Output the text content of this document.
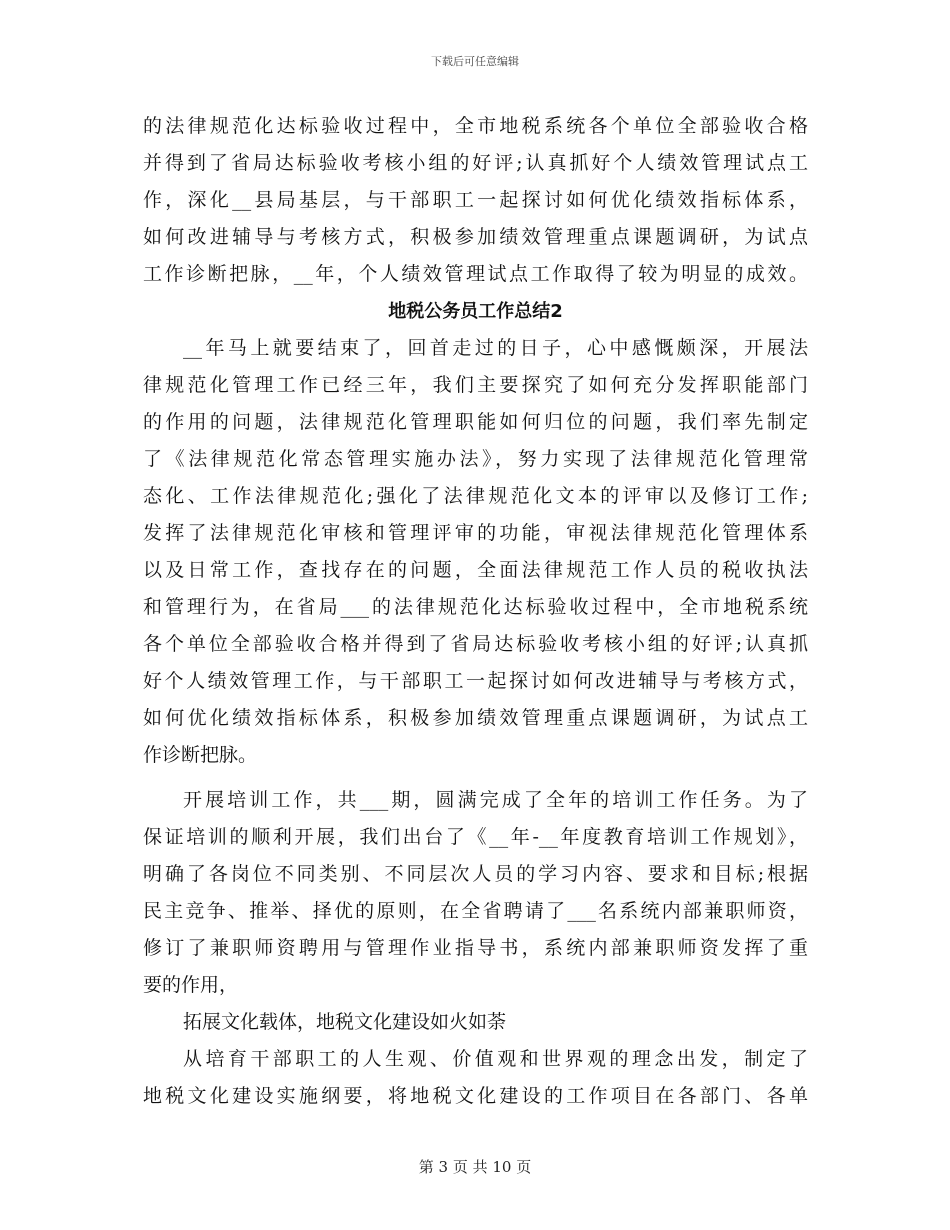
下载后可任意编辑
的法律规范化达标验收过程中，全市地税系统各个单位全部验收合格
并得到了省局达标验收考核小组的好评;认真抓好个人绩效管理试点工
作，深化__县局基层，与干部职工一起探讨如何优化绩效指标体系，
如何改进辅导与考核方式，积极参加绩效管理重点课题调研，为试点
工作诊断把脉，__年，个人绩效管理试点工作取得了较为明显的成效。
地税公务员工作总结2
__年马上就要结束了，回首走过的日子，心中感慨颇深，开展法
律规范化管理工作已经三年，我们主要探究了如何充分发挥职能部门
的作用的问题，法律规范化管理职能如何归位的问题，我们率先制定
了《法律规范化常态管理实施办法》，努力实现了法律规范化管理常
态化、工作法律规范化;强化了法律规范化文本的评审以及修订工作;
发挥了法律规范化审核和管理评审的功能，审视法律规范化管理体系
以及日常工作，查找存在的问题，全面法律规范工作人员的税收执法
和管理行为，在省局___的法律规范化达标验收过程中，全市地税系统
各个单位全部验收合格并得到了省局达标验收考核小组的好评;认真抓
好个人绩效管理工作，与干部职工一起探讨如何改进辅导与考核方式，
如何优化绩效指标体系，积极参加绩效管理重点课题调研，为试点工
作诊断把脉。
开展培训工作，共___期，圆满完成了全年的培训工作任务。为了
保证培训的顺利开展，我们出台了《__年-__年度教育培训工作规划》，
明确了各岗位不同类别、不同层次人员的学习内容、要求和目标;根据
民主竞争、推举、择优的原则，在全省聘请了___名系统内部兼职师资，
修订了兼职师资聘用与管理作业指导书，系统内部兼职师资发挥了重
要的作用，
拓展文化载体，地税文化建设如火如荼
从培育干部职工的人生观、价值观和世界观的理念出发，制定了
地税文化建设实施纲要，将地税文化建设的工作项目在各部门、各单
第 3 页 共 10 页
